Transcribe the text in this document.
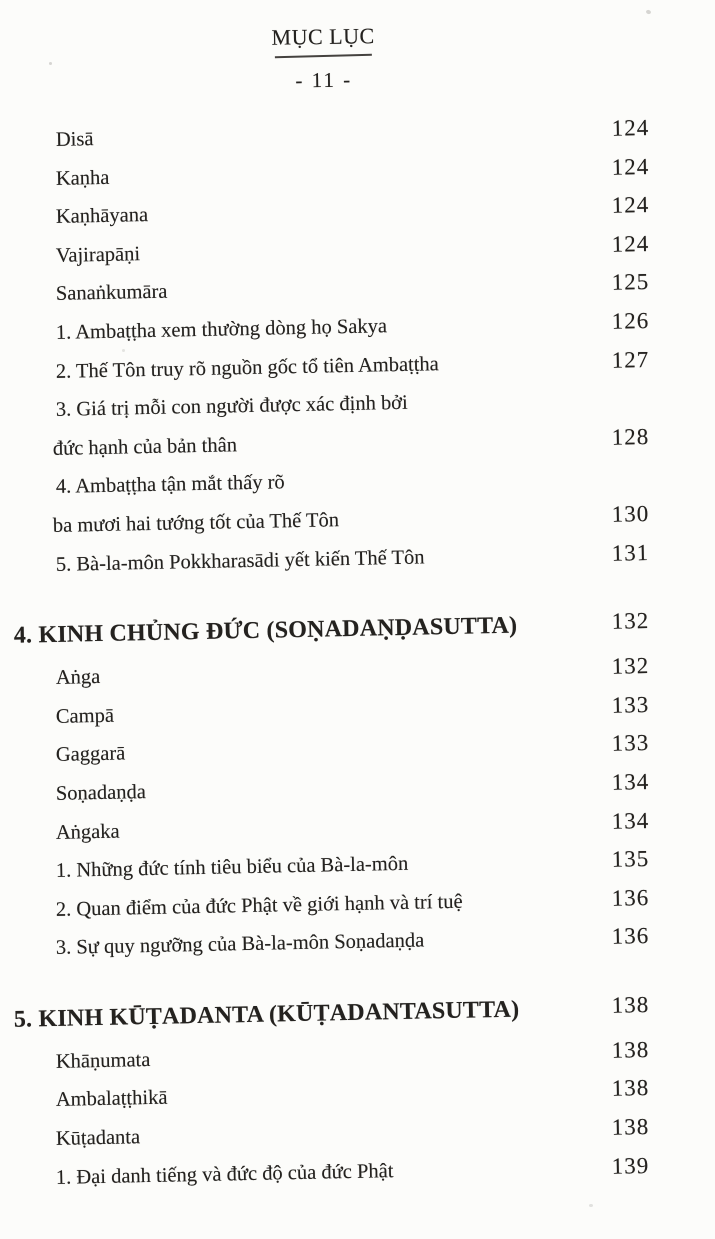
MỤC LỤC
- 11 -
Disā	124
Kaṇha	124
Kaṇhāyana	124
Vajirapāṇi	124
Sanaṅkumāra	125
1. Ambaṭṭha xem thường dòng họ Sakya	126
2. Thế Tôn truy rõ nguồn gốc tổ tiên Ambaṭṭha	127
3. Giá trị mỗi con người được xác định bởi
đức hạnh của bản thân	128
4. Ambaṭṭha tận mắt thấy rõ
ba mươi hai tướng tốt của Thế Tôn	130
5. Bà-la-môn Pokkharasādi yết kiến Thế Tôn	131
4. KINH CHỦNG ĐỨC (SOṆADAṆḌASUTTA)	132
Aṅga	132
Campā	133
Gaggarā	133
Soṇadaṇḍa	134
Aṅgaka	134
1. Những đức tính tiêu biểu của Bà-la-môn	135
2. Quan điểm của đức Phật về giới hạnh và trí tuệ	136
3. Sự quy ngưỡng của Bà-la-môn Soṇadaṇḍa	136
5. KINH KŪṬADANTA (KŪṬADANTASUTTA)	138
Khāṇumata	138
Ambalaṭṭhikā	138
Kūṭadanta	138
1. Đại danh tiếng và đức độ của đức Phật	139
